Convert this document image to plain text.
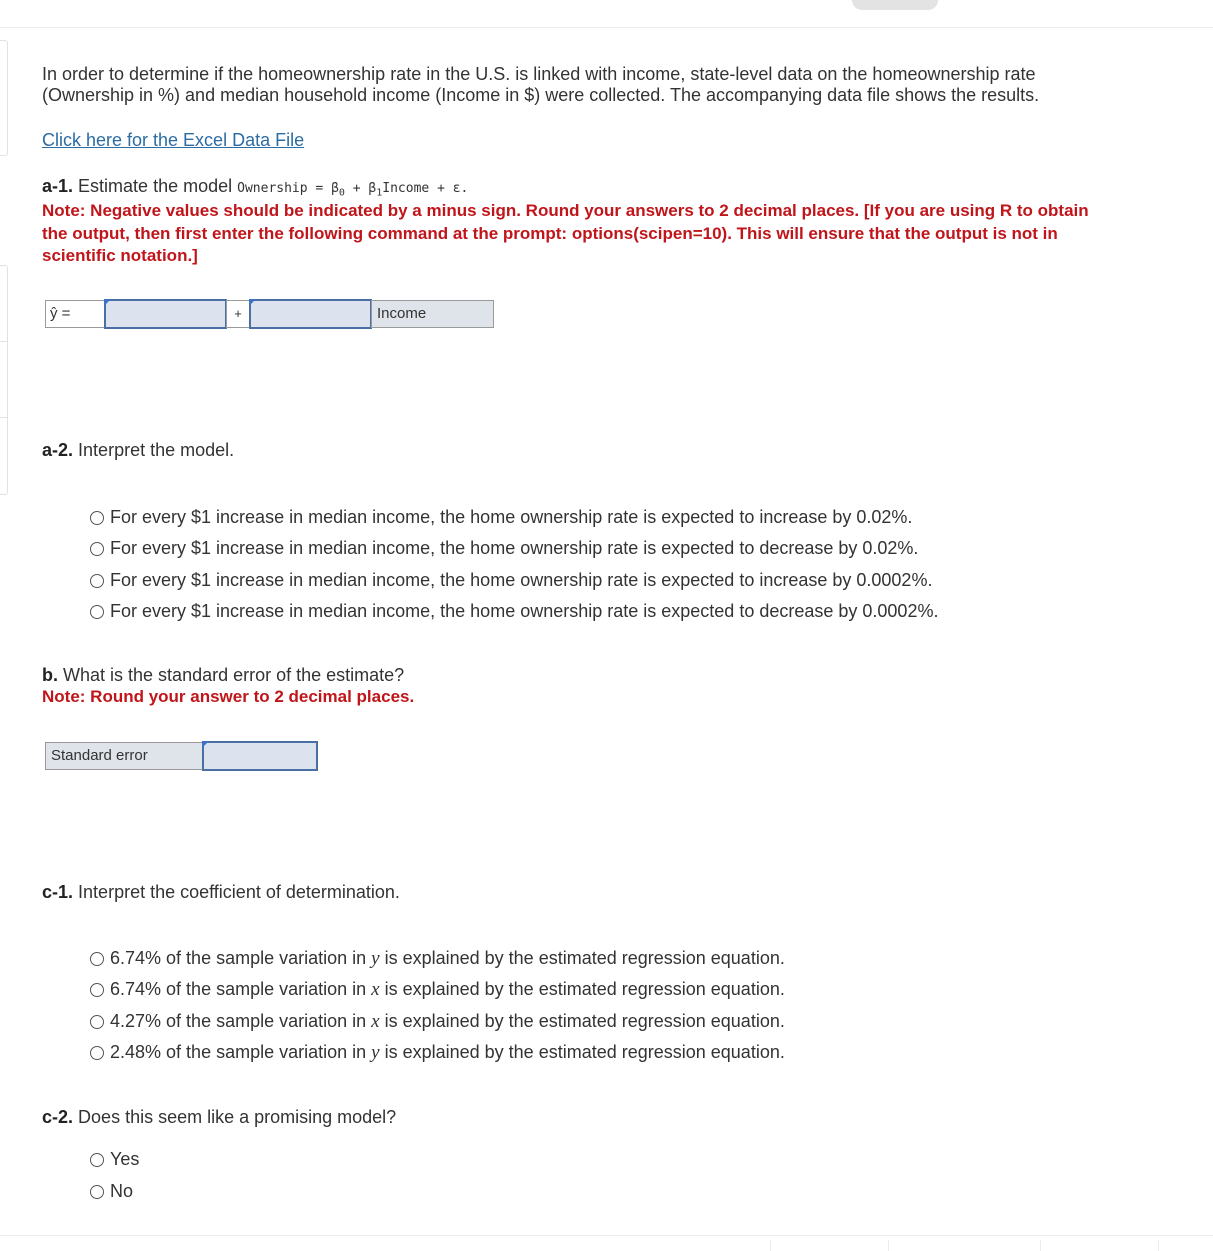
In order to determine if the homeownership rate in the U.S. is linked with income, state-level data on the homeownership rate
(Ownership in %) and median household income (Income in $) were collected. The accompanying data file shows the results.
Click here for the Excel Data File
a-1. Estimate the model Ownership = $\beta_0$ + $\beta_1Income + \varepsilon$.
Note: Negative values should be indicated by a minus sign. Round your answers to 2 decimal places. [If you are using R to obtain
the output, then first enter the following command at the prompt: options(scipen=10). This will ensure that the output is not in
scientific notation.]
ŷ =	+	Income
a-2. Interpret the model.
For every $1 increase in median income, the home ownership rate is expected to increase by 0.02%.
For every $1 increase in median income, the home ownership rate is expected to decrease by 0.02%.
For every $1 increase in median income, the home ownership rate is expected to increase by 0.0002%.
For every $1 increase in median income, the home ownership rate is expected to decrease by 0.0002%.
b. What is the standard error of the estimate?
Note: Round your answer to 2 decimal places.
Standard error
c-1. Interpret the coefficient of determination.
6.74% of the sample variation in y is explained by the estimated regression equation.
6.74% of the sample variation in x is explained by the estimated regression equation.
4.27% of the sample variation in x is explained by the estimated regression equation.
2.48% of the sample variation in y is explained by the estimated regression equation.
c-2. Does this seem like a promising model?
Yes
No
